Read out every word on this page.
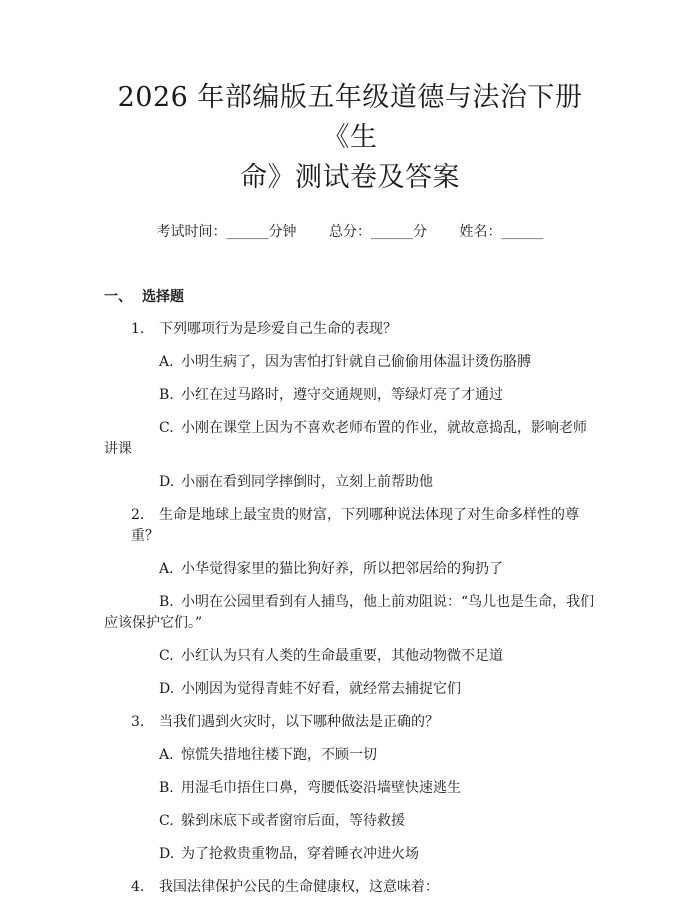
2026 年部编版五年级道德与法治下册《生
命》测试卷及答案
考试时间：______分钟 总分：______分 姓名：______
一、 选择题
1. 下列哪项行为是珍爱自己生命的表现？
A. 小明生病了，因为害怕打针就自己偷偷用体温计烫伤胳膊
B. 小红在过马路时，遵守交通规则，等绿灯亮了才通过
C. 小刚在课堂上因为不喜欢老师布置的作业，就故意捣乱，影响老师讲课
D. 小丽在看到同学摔倒时，立刻上前帮助他
2. 生命是地球上最宝贵的财富，下列哪种说法体现了对生命多样性的尊重？
A. 小华觉得家里的猫比狗好养，所以把邻居给的狗扔了
B. 小明在公园里看到有人捕鸟，他上前劝阻说：“鸟儿也是生命，我们应该保护它们。”
C. 小红认为只有人类的生命最重要，其他动物微不足道
D. 小刚因为觉得青蛙不好看，就经常去捕捉它们
3. 当我们遇到火灾时，以下哪种做法是正确的？
A. 惊慌失措地往楼下跑，不顾一切
B. 用湿毛巾捂住口鼻，弯腰低姿沿墙壁快速逃生
C. 躲到床底下或者窗帘后面，等待救援
D. 为了抢救贵重物品，穿着睡衣冲进火场
4. 我国法律保护公民的生命健康权，这意味着：
